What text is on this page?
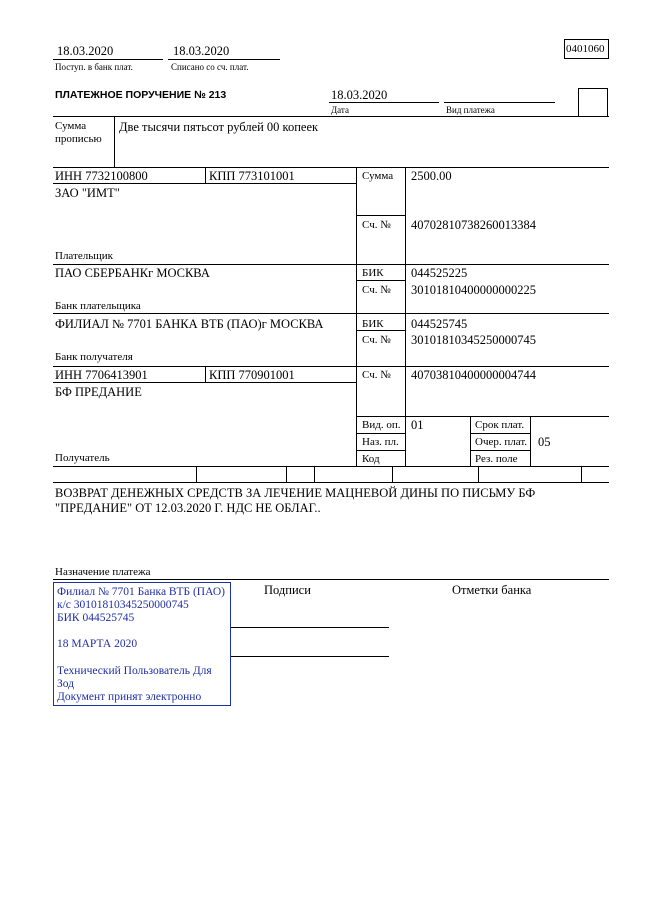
18.03.2020
Поступ. в банк плат.
18.03.2020
Списано со сч. плат.
0401060
ПЛАТЕЖНОЕ ПОРУЧЕНИЕ № 213	18.03.2020
Дата	Вид платежа
Сумма
прописью
Две тысячи пятьсот рублей 00 копеек
ИНН 7732100800	КПП 773101001
ЗАО "ИМТ"
Плательщик
Сумма 2500.00
Сч. № 40702810738260013384
ПАО СБЕРБАНКг МОСКВА
Банк плательщика
БИК 044525225
Сч. № 30101810400000000225
ФИЛИАЛ № 7701 БАНКА ВТБ (ПАО)г МОСКВА
Банк получателя
БИК 044525745
Сч. № 30101810345250000745
ИНН 7706413901	КПП 770901001
БФ ПРЕДАНИЕ
Получатель
Сч. № 40703810400000004744
Вид. оп. 01	Срок плат.
Наз. пл.	Очер. плат. 05
Код	Рез. поле
ВОЗВРАТ ДЕНЕЖНЫХ СРЕДСТВ ЗА ЛЕЧЕНИЕ МАЦНЕВОЙ ДИНЫ ПО ПИСЬМУ БФ
"ПРЕДАНИЕ" ОТ 12.03.2020 Г. НДС НЕ ОБЛАГ..
Назначение платежа
Подписи	Отметки банка
Филиал № 7701 Банка ВТБ (ПАО)
к/с 30101810345250000745
БИК 044525745
18 МАРТА 2020
Технический Пользователь Для
Зод
Документ принят электронно
